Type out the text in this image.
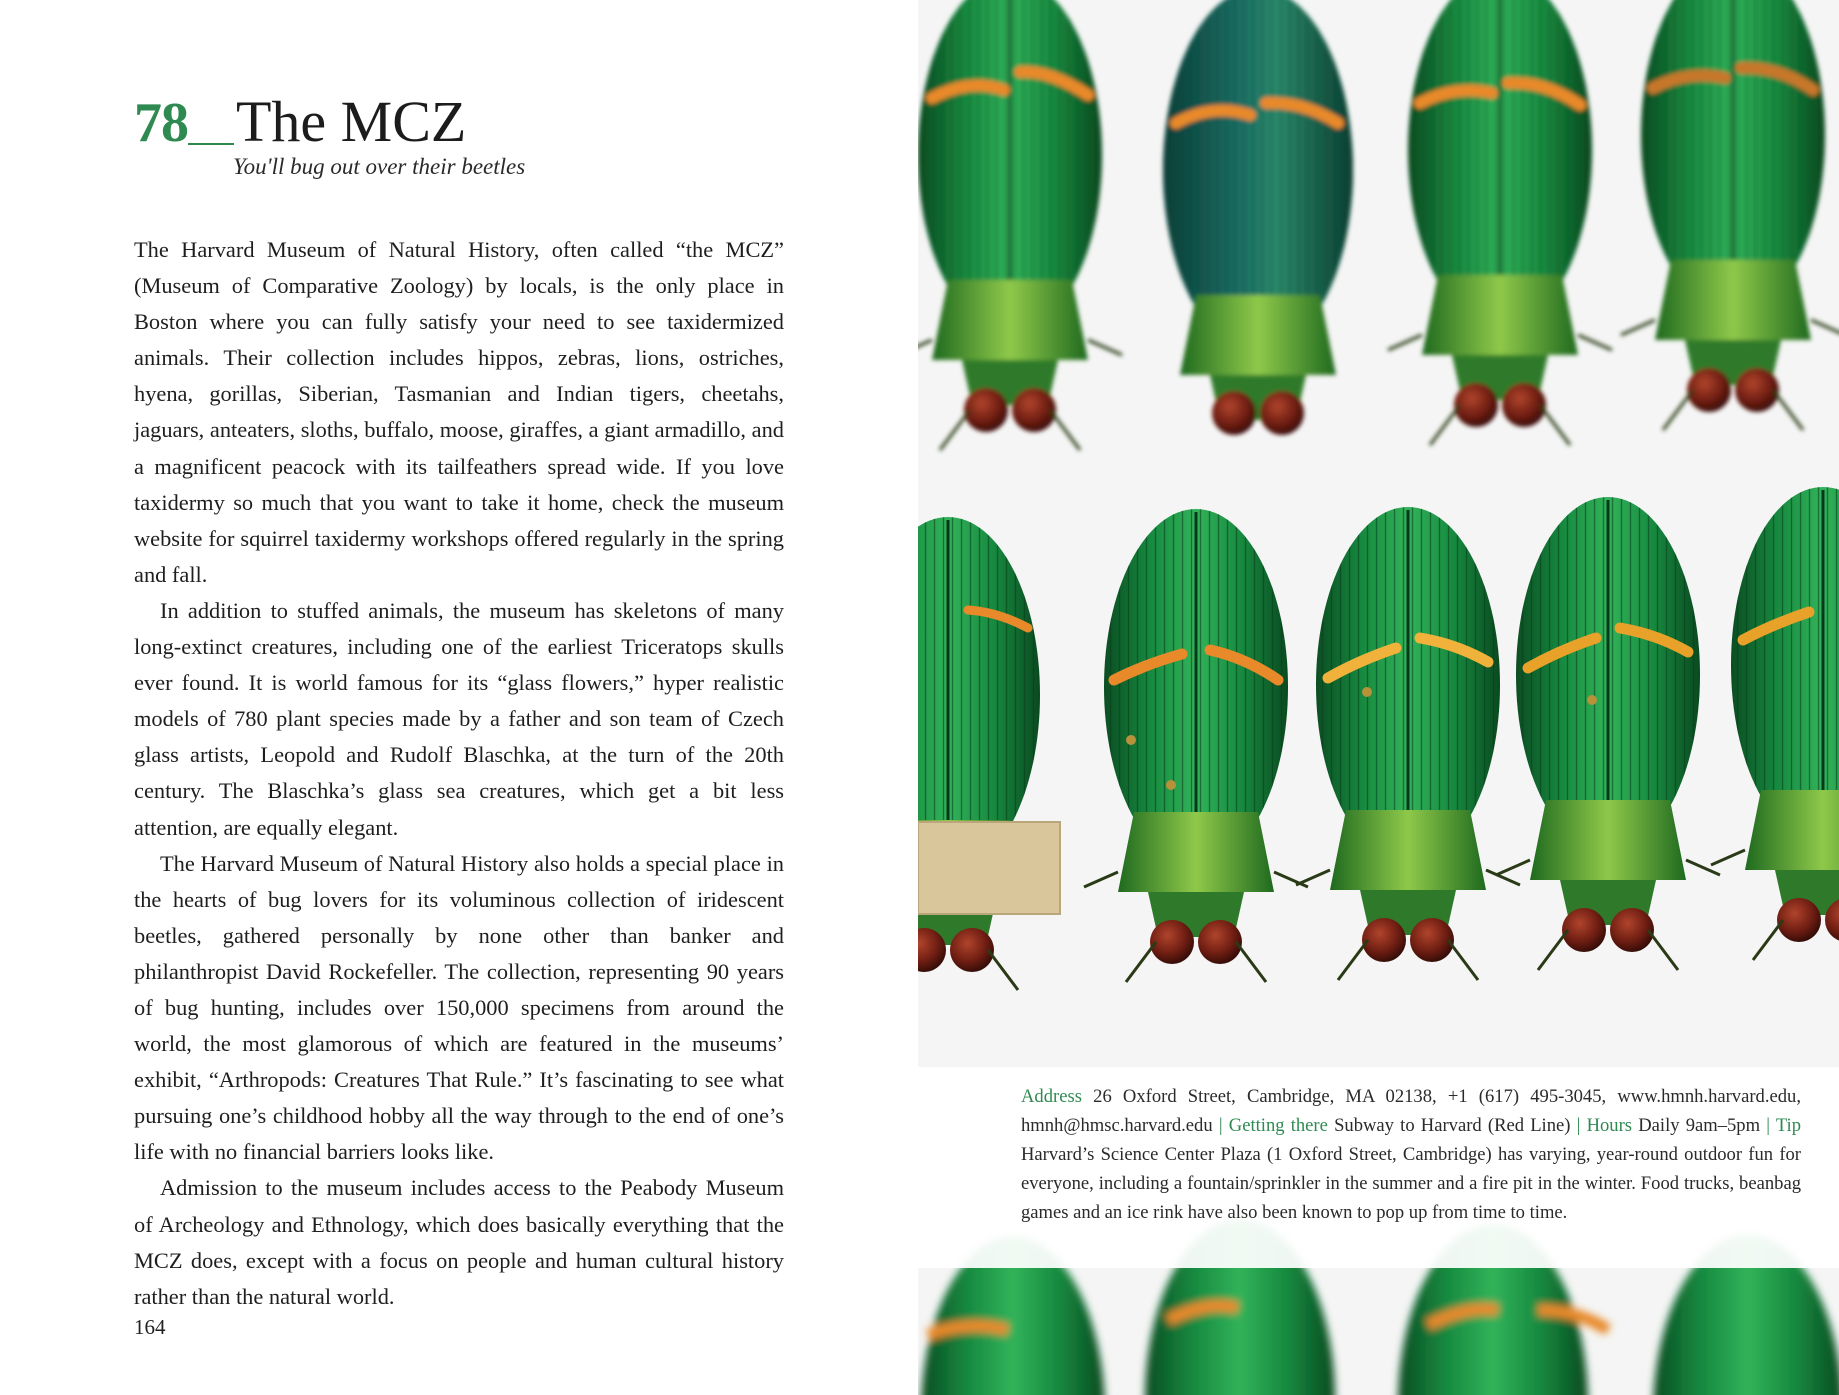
78 The MCZ
You'll bug out over their beetles

The Harvard Museum of Natural History, often called “the MCZ” (Museum of Comparative Zoology) by locals, is the only place in Boston where you can fully satisfy your need to see taxidermized animals. Their collection includes hippos, zebras, lions, ostriches, hyena, gorillas, Siberian, Tasmanian and Indian tigers, cheetahs, jaguars, anteaters, sloths, buffalo, moose, giraffes, a giant armadillo, and a magnificent peacock with its tailfeathers spread wide. If you love taxidermy so much that you want to take it home, check the museum website for squirrel taxidermy workshops offered regularly in the spring and fall.

In addition to stuffed animals, the museum has skeletons of many long-extinct creatures, including one of the earliest Triceratops skulls ever found. It is world famous for its “glass flowers,” hyper realistic models of 780 plant species made by a father and son team of Czech glass artists, Leopold and Rudolf Blaschka, at the turn of the 20th century. The Blaschka’s glass sea creatures, which get a bit less attention, are equally elegant.

The Harvard Museum of Natural History also holds a special place in the hearts of bug lovers for its voluminous collection of iridescent beetles, gathered personally by none other than banker and philanthropist David Rockefeller. The collection, representing 90 years of bug hunting, includes over 150,000 specimens from around the world, the most glamorous of which are featured in the museums’ exhibit, “Arthropods: Creatures That Rule.” It’s fascinating to see what pursuing one’s childhood hobby all the way through to the end of one’s life with no financial barriers looks like.

Admission to the museum includes access to the Peabody Museum of Archeology and Ethnology, which does basically everything that the MCZ does, except with a focus on people and human cultural history rather than the natural world.

164
Address 26 Oxford Street, Cambridge, MA 02138, +1 (617) 495-3045, www.hmnh.harvard.edu, hmnh@hmsc.harvard.edu | Getting there Subway to Harvard (Red Line) | Hours Daily 9am–5pm | Tip Harvard’s Science Center Plaza (1 Oxford Street, Cambridge) has varying, year-round outdoor fun for everyone, including a fountain/sprinkler in the summer and a fire pit in the winter. Food trucks, beanbag games and an ice rink have also been known to pop up from time to time.
